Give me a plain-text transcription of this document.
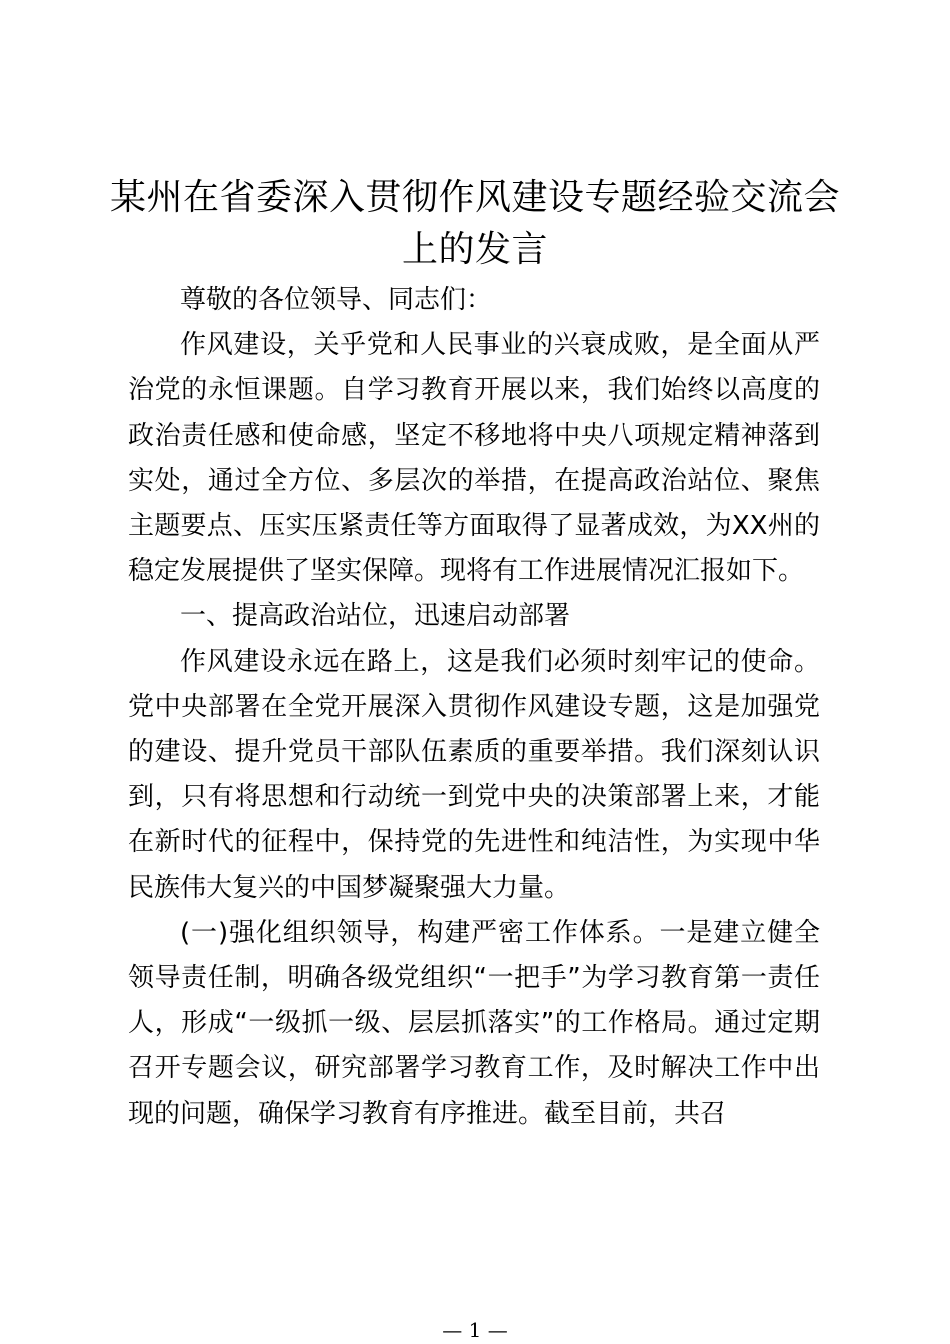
某州在省委深入贯彻作风建设专题经验交流会上的发言

尊敬的各位领导、同志们：

作风建设，关乎党和人民事业的兴衰成败，是全面从严治党的永恒课题。自学习教育开展以来，我们始终以高度的政治责任感和使命感，坚定不移地将中央八项规定精神落到实处，通过全方位、多层次的举措，在提高政治站位、聚焦主题要点、压实压紧责任等方面取得了显著成效，为XX州的稳定发展提供了坚实保障。现将有工作进展情况汇报如下。

一、提高政治站位，迅速启动部署

作风建设永远在路上，这是我们必须时刻牢记的使命。党中央部署在全党开展深入贯彻作风建设专题，这是加强党的建设、提升党员干部队伍素质的重要举措。我们深刻认识到，只有将思想和行动统一到党中央的决策部署上来，才能在新时代的征程中，保持党的先进性和纯洁性，为实现中华民族伟大复兴的中国梦凝聚强大力量。

(一)强化组织领导，构建严密工作体系。一是建立健全领导责任制，明确各级党组织“一把手”为学习教育第一责任人，形成“一级抓一级、层层抓落实”的工作格局。通过定期召开专题会议，研究部署学习教育工作，及时解决工作中出现的问题，确保学习教育有序推进。截至目前，共召

— 1 —
